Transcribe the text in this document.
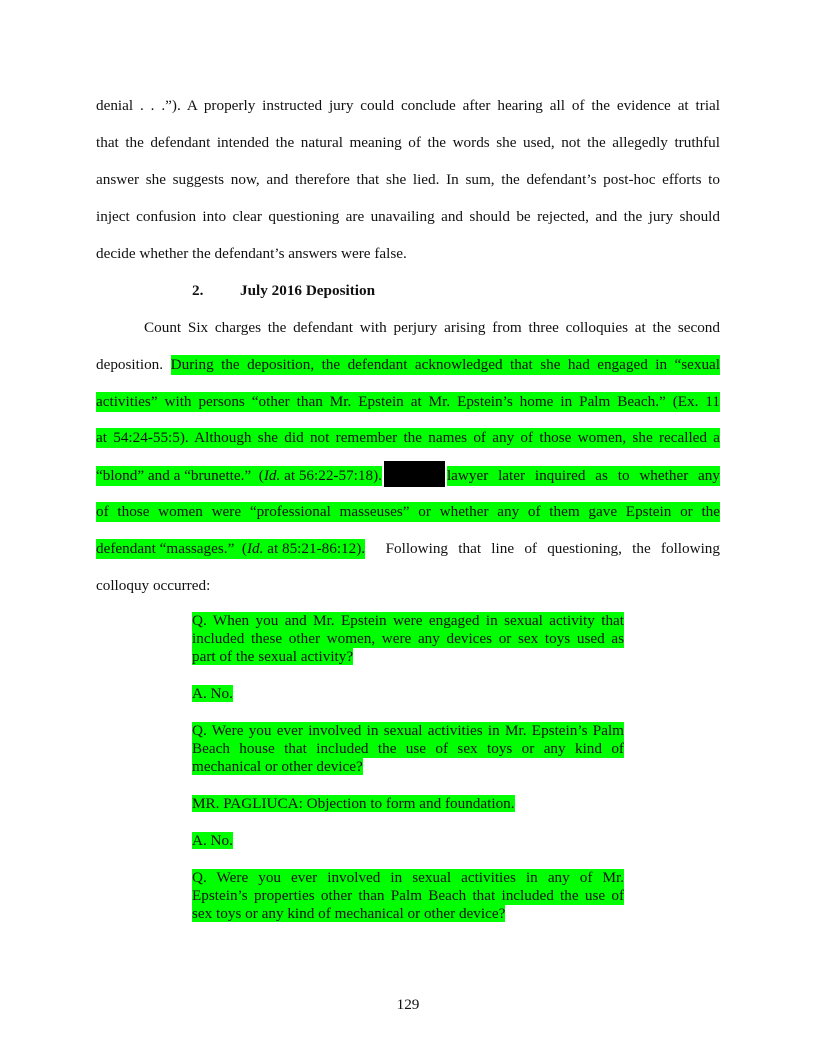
denial . . .”). A properly instructed jury could conclude after hearing all of the evidence at trial
that the defendant intended the natural meaning of the words she used, not the allegedly truthful
answer she suggests now, and therefore that she lied. In sum, the defendant’s post-hoc efforts to
inject confusion into clear questioning are unavailing and should be rejected, and the jury should
decide whether the defendant’s answers were false.
2. July 2016 Deposition
Count Six charges the defendant with perjury arising from three colloquies at the second
deposition. During the deposition, the defendant acknowledged that she had engaged in “sexual
activities” with persons “other than Mr. Epstein at Mr. Epstein’s home in Palm Beach.” (Ex. 11
at 54:24-55:5). Although she did not remember the names of any of those women, she recalled a
“blond” and a “brunette.”  (Id. at 56:22-57:18).	lawyer later inquired as to whether any
of those women were “professional masseuses” or whether any of them gave Epstein or the
defendant “massages.”  (Id. at 85:21-86:12). Following that line of questioning, the following
colloquy occurred:
Q. When you and Mr. Epstein were engaged in sexual activity that
included these other women, were any devices or sex toys used as
part of the sexual activity?
A. No.
Q. Were you ever involved in sexual activities in Mr. Epstein’s Palm
Beach house that included the use of sex toys or any kind of
mechanical or other device?
MR. PAGLIUCA: Objection to form and foundation.
A. No.
Q. Were you ever involved in sexual activities in any of Mr.
Epstein’s properties other than Palm Beach that included the use of
sex toys or any kind of mechanical or other device?
129
